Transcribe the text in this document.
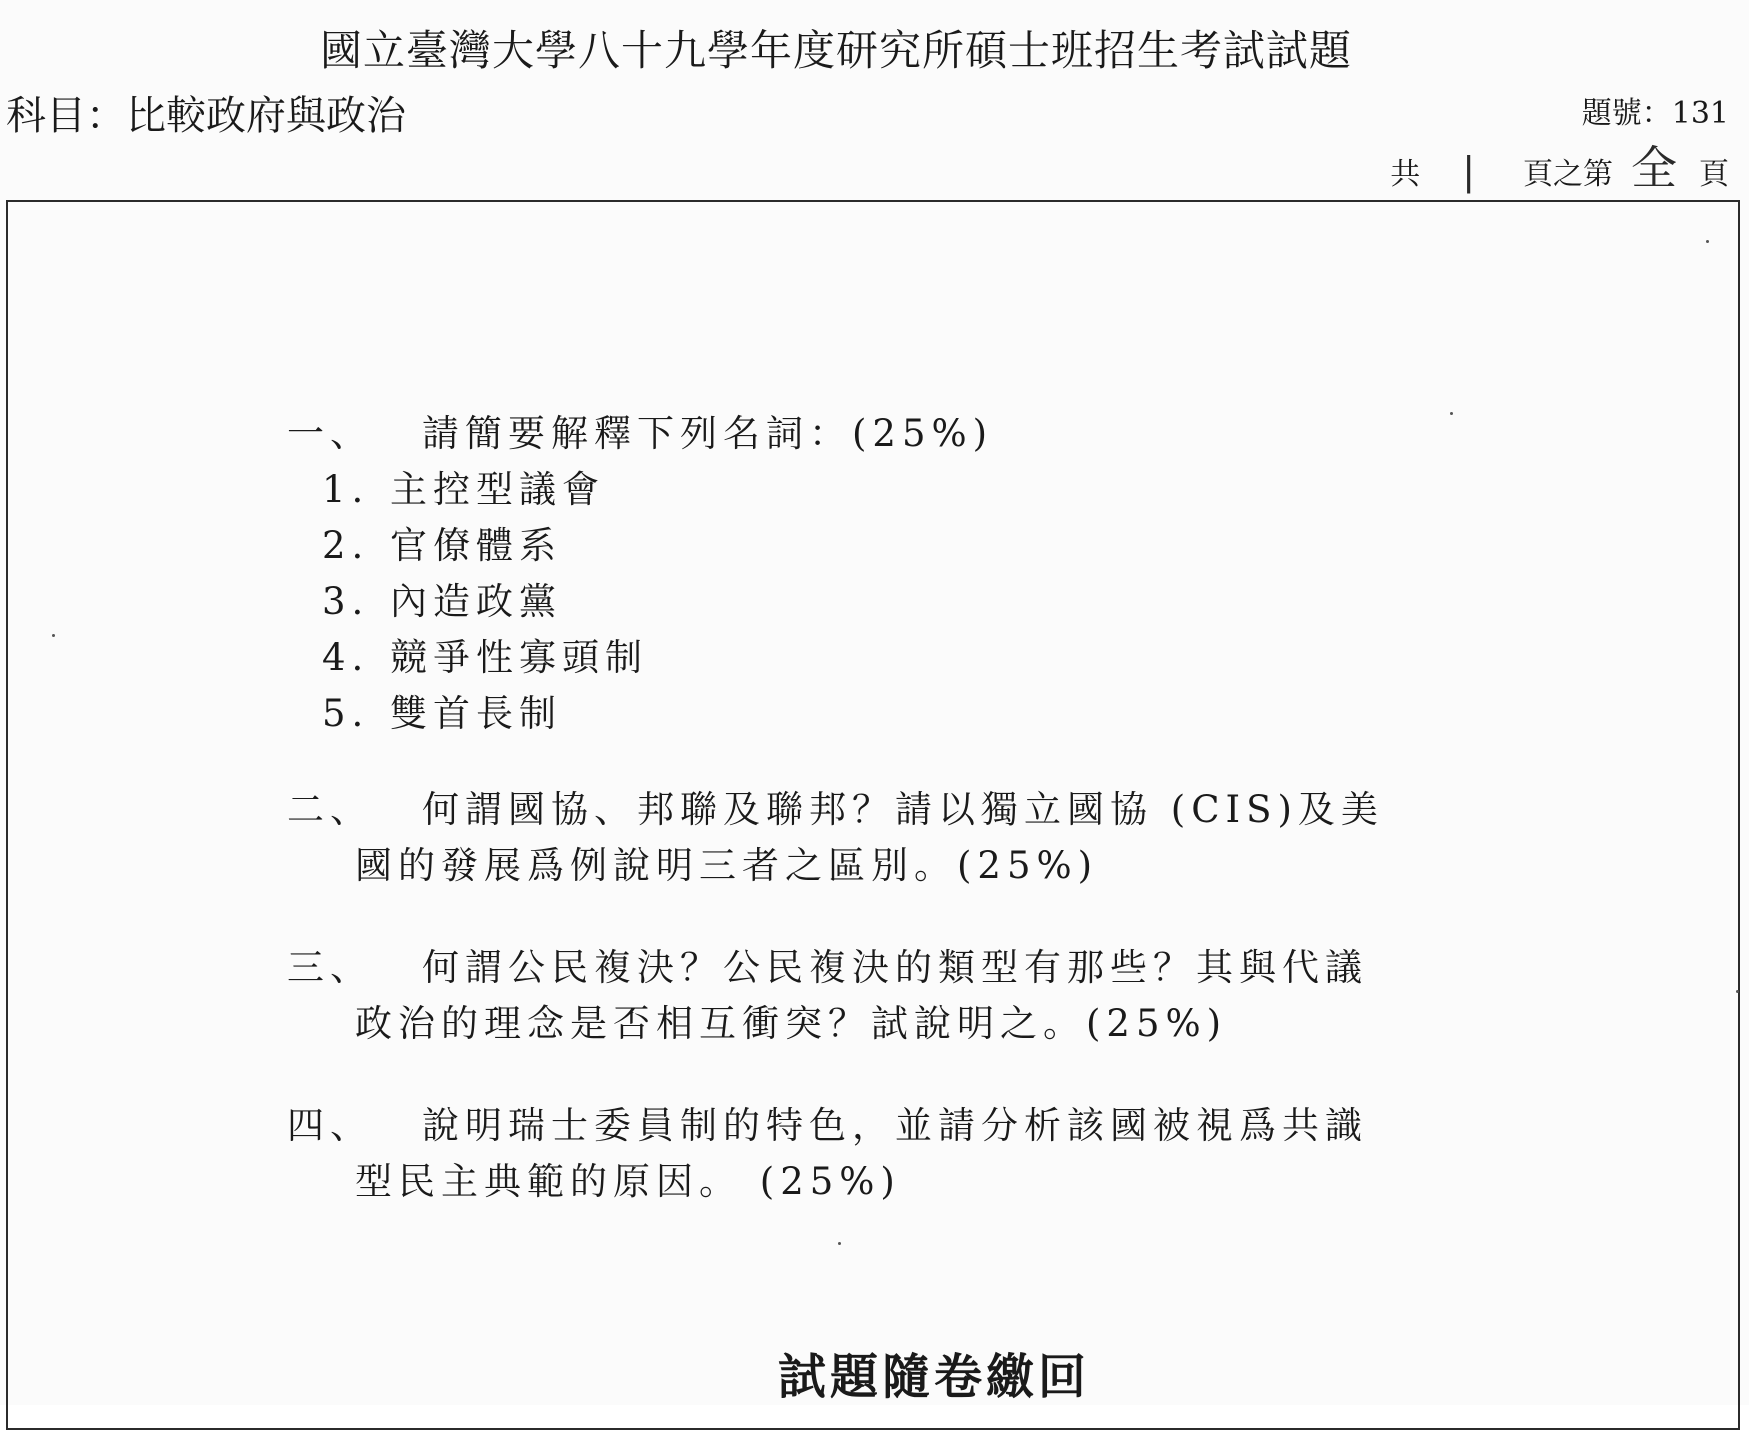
國立臺灣大學八十九學年度研究所碩士班招生考試試題
科目：比較政府與政治	題號：131
共 | 頁之第 全 頁
一、	請簡要解釋下列名詞：(25%)
1. 主控型議會
2. 官僚體系
3. 內造政黨
4. 競爭性寡頭制
5. 雙首長制
二、	何謂國協、邦聯及聯邦？請以獨立國協 (CIS)及美
國的發展爲例說明三者之區別。(25%)
三、	何謂公民複決？公民複決的類型有那些？其與代議
政治的理念是否相互衝突？試說明之。(25%)
四、	說明瑞士委員制的特色，並請分析該國被視爲共識
型民主典範的原因。 (25%)
試題隨卷繳回
